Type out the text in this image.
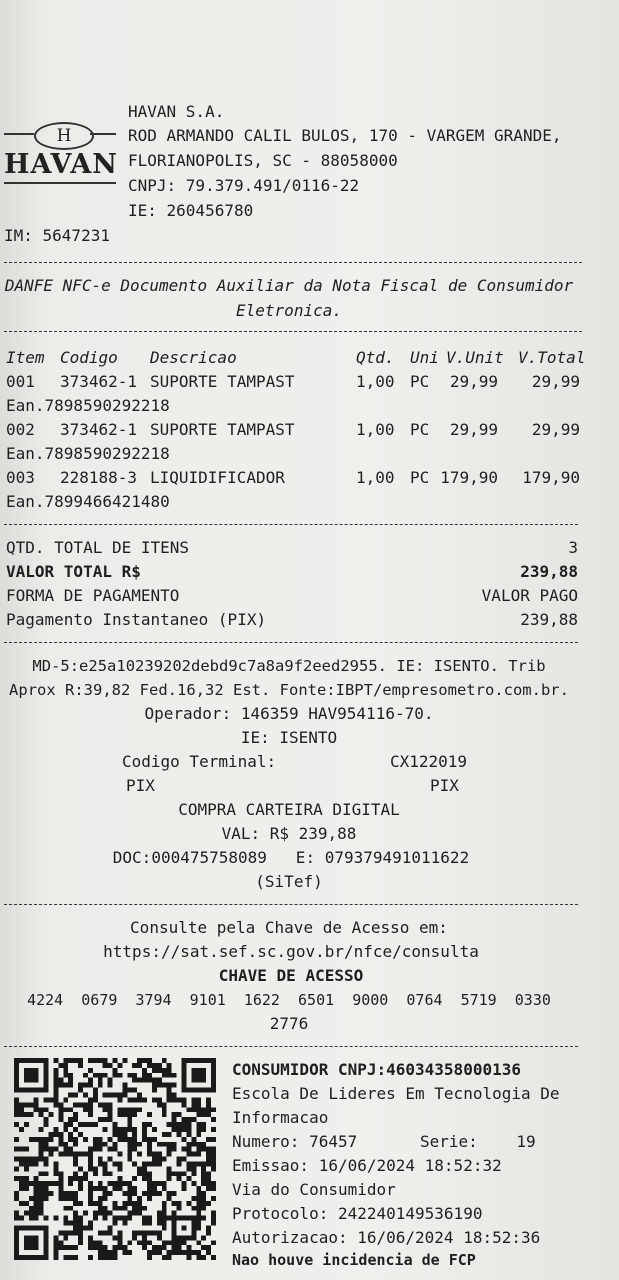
H
HAVAN
HAVAN S.A.
ROD ARMANDO CALIL BULOS, 170 - VARGEM GRANDE,
FLORIANOPOLIS, SC - 88058000
CNPJ: 79.379.491/0116-22
IE: 260456780
IM: 5647231
DANFE NFC-e Documento Auxiliar da Nota Fiscal de Consumidor
Eletronica.
Item Codigo Descricao	Qtd. Uni V.Unit V.Total
001 373462-1 SUPORTE TAMPAST	1,00 PC	29,99	29,99
Ean.7898590292218
002 373462-1 SUPORTE TAMPAST	1,00 PC	29,99	29,99
Ean.7898590292218
003 228188-3 LIQUIDIFICADOR	1,00 PC 179,90	179,90
Ean.7899466421480
QTD. TOTAL DE ITENS	3
VALOR TOTAL R$	239,88
FORMA DE PAGAMENTO	VALOR PAGO
Pagamento Instantaneo (PIX)	239,88
MD-5:e25a10239202debd9c7a8a9f2eed2955. IE: ISENTO. Trib
Aprox R:39,82 Fed.16,32 Est. Fonte:IBPT/empresometro.com.br.
Operador: 146359 HAV954116-70.
IE: ISENTO
Codigo Terminal:	CX122019
PIX	PIX
COMPRA CARTEIRA DIGITAL
VAL: R$ 239,88
DOC:000475758089   E: 079379491011622
(SiTef)
Consulte pela Chave de Acesso em:
https://sat.sef.sc.gov.br/nfce/consulta
CHAVE DE ACESSO
4224  0679  3794  9101  1622  6501  9000  0764  5719  0330
2776
CONSUMIDOR CNPJ:46034358000136
Escola De Lideres Em Tecnologia De
Informacao
Numero: 76457	Serie:    19
Emissao: 16/06/2024 18:52:32
Via do Consumidor
Protocolo: 242240149536190
Autorizacao: 16/06/2024 18:52:36
Nao houve incidencia de FCP
